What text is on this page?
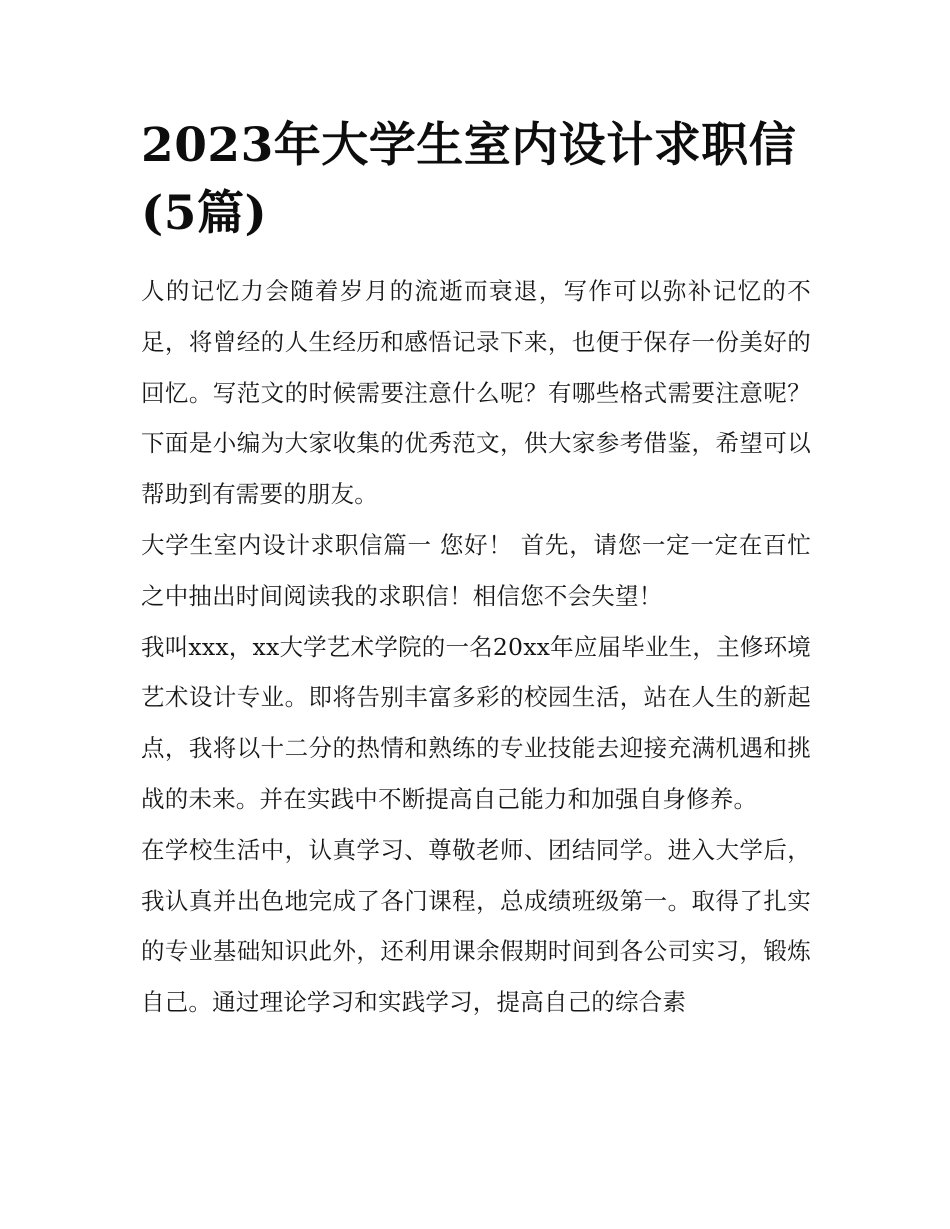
2023年大学生室内设计求职信(5篇)

人的记忆力会随着岁月的流逝而衰退，写作可以弥补记忆的不足，将曾经的人生经历和感悟记录下来，也便于保存一份美好的回忆。写范文的时候需要注意什么呢？有哪些格式需要注意呢？下面是小编为大家收集的优秀范文，供大家参考借鉴，希望可以帮助到有需要的朋友。

大学生室内设计求职信篇一 您好！ 首先，请您一定一定在百忙之中抽出时间阅读我的求职信！相信您不会失望！

我叫xxx，xx大学艺术学院的一名20xx年应届毕业生，主修环境艺术设计专业。即将告别丰富多彩的校园生活，站在人生的新起点，我将以十二分的热情和熟练的专业技能去迎接充满机遇和挑战的未来。并在实践中不断提高自己能力和加强自身修养。

在学校生活中，认真学习、尊敬老师、团结同学。进入大学后，我认真并出色地完成了各门课程，总成绩班级第一。取得了扎实的专业基础知识此外，还利用课余假期时间到各公司实习，锻炼自己。通过理论学习和实践学习，提高自己的综合素
